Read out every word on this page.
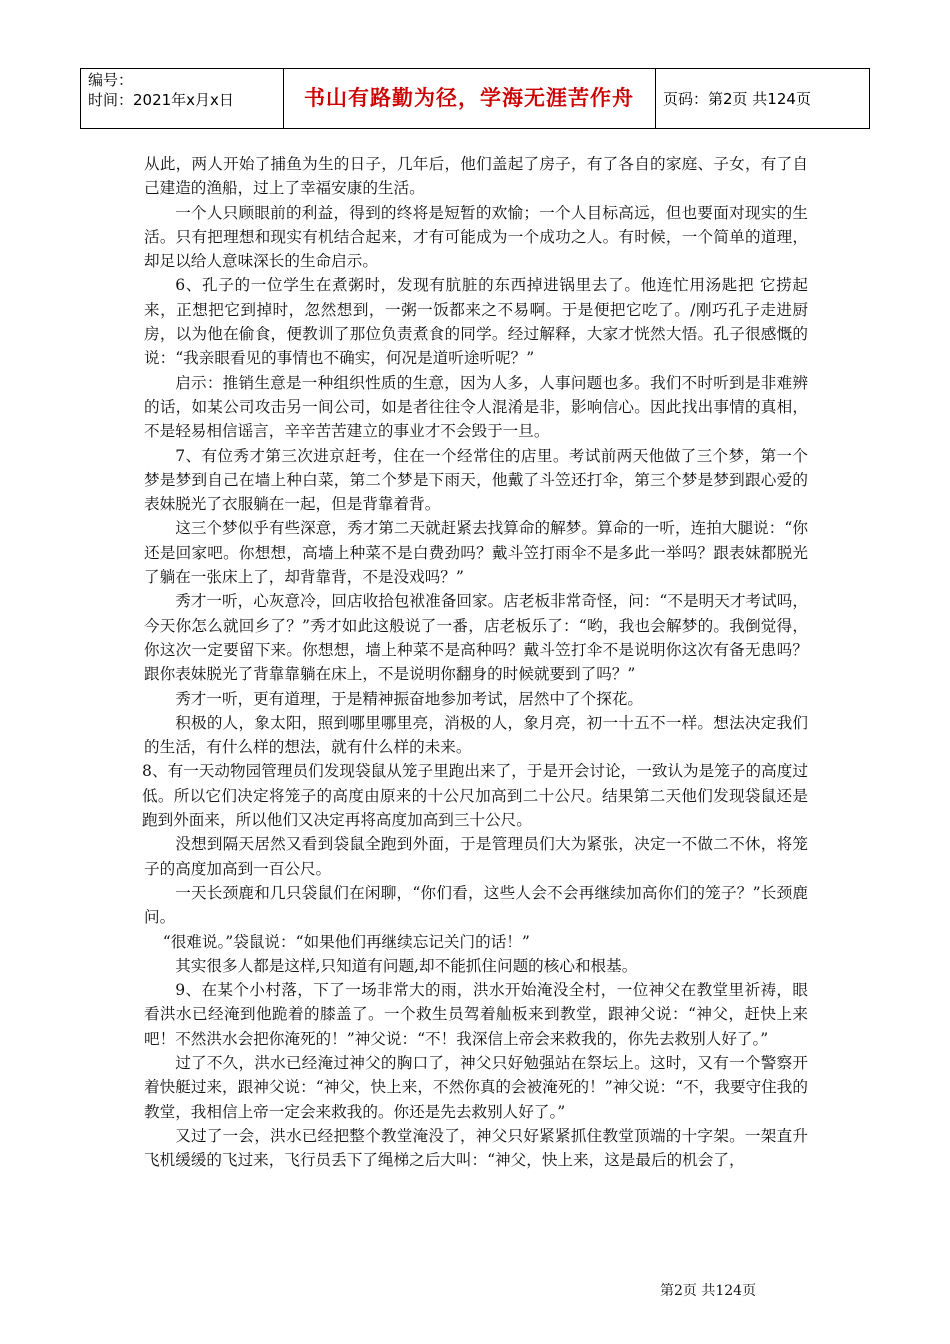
编号：
时间：2021年x月x日	书山有路勤为径，学海无涯苦作舟	页码：第2页 共124页

从此，两人开始了捕鱼为生的日子，几年后，他们盖起了房子，有了各自的家庭、子女，有了自己建造的渔船，过上了幸福安康的生活。

一个人只顾眼前的利益，得到的终将是短暂的欢愉；一个人目标高远，但也要面对现实的生活。只有把理想和现实有机结合起来，才有可能成为一个成功之人。有时候，一个简单的道理，却足以给人意味深长的生命启示。

6、孔子的一位学生在煮粥时，发现有肮脏的东西掉进锅里去了。他连忙用汤匙把 它捞起来，正想把它到掉时，忽然想到，一粥一饭都来之不易啊。于是便把它吃了。/刚巧孔子走进厨房，以为他在偷食，便教训了那位负责煮食的同学。经过解释，大家才恍然大悟。孔子很感慨的说：“我亲眼看见的事情也不确实，何况是道听途听呢？”

启示：推销生意是一种组织性质的生意，因为人多，人事问题也多。我们不时听到是非难辨的话，如某公司攻击另一间公司，如是者往往令人混淆是非，影响信心。因此找出事情的真相，不是轻易相信谣言，辛辛苦苦建立的事业才不会毁于一旦。

7、有位秀才第三次进京赶考，住在一个经常住的店里。考试前两天他做了三个梦，第一个梦是梦到自己在墙上种白菜，第二个梦是下雨天，他戴了斗笠还打伞，第三个梦是梦到跟心爱的表妹脱光了衣服躺在一起，但是背靠着背。

这三个梦似乎有些深意，秀才第二天就赶紧去找算命的解梦。算命的一听，连拍大腿说：“你还是回家吧。你想想，高墙上种菜不是白费劲吗？戴斗笠打雨伞不是多此一举吗？跟表妹都脱光了躺在一张床上了，却背靠背，不是没戏吗？”

秀才一听，心灰意冷，回店收拾包袱准备回家。店老板非常奇怪，问：“不是明天才考试吗，今天你怎么就回乡了？”秀才如此这般说了一番，店老板乐了：“哟，我也会解梦的。我倒觉得，你这次一定要留下来。你想想，墙上种菜不是高种吗？戴斗笠打伞不是说明你这次有备无患吗？跟你表妹脱光了背靠靠躺在床上，不是说明你翻身的时候就要到了吗？”

秀才一听，更有道理，于是精神振奋地参加考试，居然中了个探花。

积极的人，象太阳，照到哪里哪里亮，消极的人，象月亮，初一十五不一样。想法决定我们的生活，有什么样的想法，就有什么样的未来。

8、有一天动物园管理员们发现袋鼠从笼子里跑出来了，于是开会讨论，一致认为是笼子的高度过低。所以它们决定将笼子的高度由原来的十公尺加高到二十公尺。结果第二天他们发现袋鼠还是跑到外面来，所以他们又决定再将高度加高到三十公尺。

没想到隔天居然又看到袋鼠全跑到外面，于是管理员们大为紧张，决定一不做二不休，将笼子的高度加高到一百公尺。

一天长颈鹿和几只袋鼠们在闲聊，“你们看，这些人会不会再继续加高你们的笼子？”长颈鹿问。

“很难说。”袋鼠说：“如果他们再继续忘记关门的话！”

其实很多人都是这样,只知道有问题,却不能抓住问题的核心和根基。

9、在某个小村落，下了一场非常大的雨，洪水开始淹没全村，一位神父在教堂里祈祷，眼看洪水已经淹到他跪着的膝盖了。一个救生员驾着舢板来到教堂，跟神父说：“神父，赶快上来吧！不然洪水会把你淹死的！”神父说：“不！我深信上帝会来救我的，你先去救别人好了。”

过了不久，洪水已经淹过神父的胸口了，神父只好勉强站在祭坛上。这时，又有一个警察开着快艇过来，跟神父说：“神父，快上来，不然你真的会被淹死的！”神父说：“不，我要守住我的教堂，我相信上帝一定会来救我的。你还是先去救别人好了。”

又过了一会，洪水已经把整个教堂淹没了，神父只好紧紧抓住教堂顶端的十字架。一架直升飞机缓缓的飞过来，飞行员丢下了绳梯之后大叫：“神父，快上来，这是最后的机会了，

第2页 共124页
